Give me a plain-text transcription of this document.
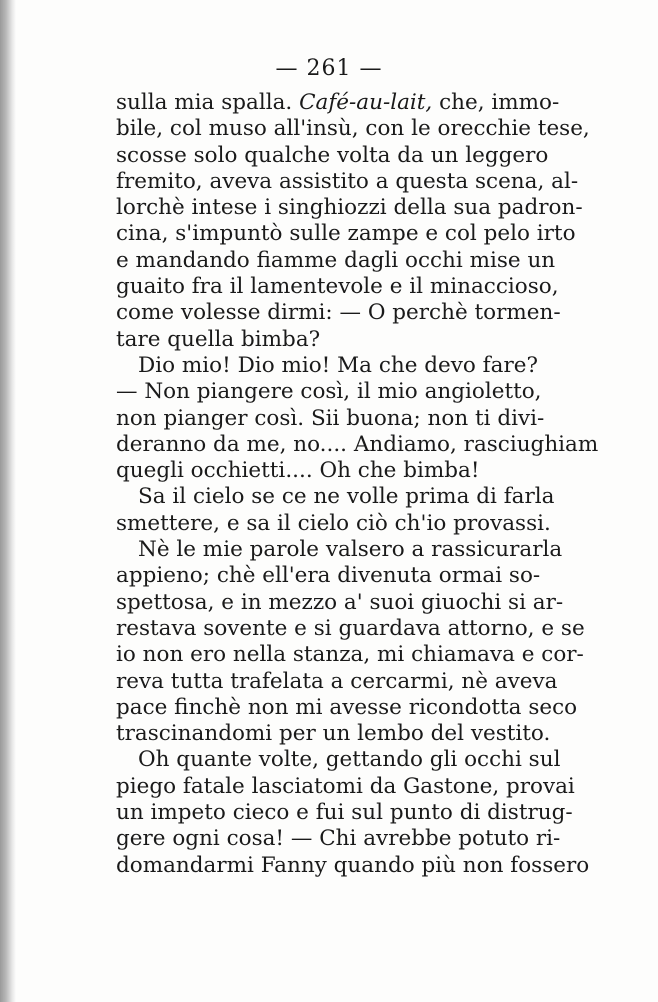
— 261 —
sulla mia spalla. Café-au-lait, che, immo-
bile, col muso all'insù, con le orecchie tese,
scosse solo qualche volta da un leggero
fremito, aveva assistito a questa scena, al-
lorchè intese i singhiozzi della sua padron-
cina, s'impuntò sulle zampe e col pelo irto
e mandando fiamme dagli occhi mise un
guaito fra il lamentevole e il minaccioso,
come volesse dirmi: — O perchè tormen-
tare quella bimba?
Dio mio! Dio mio! Ma che devo fare?
— Non piangere così, il mio angioletto,
non pianger così. Sii buona; non ti divi-
deranno da me, no.... Andiamo, rasciughiam
quegli occhietti.... Oh che bimba!
Sa il cielo se ce ne volle prima di farla
smettere, e sa il cielo ciò ch'io provassi.
Nè le mie parole valsero a rassicurarla
appieno; chè ell'era divenuta ormai so-
spettosa, e in mezzo a' suoi giuochi si ar-
restava sovente e si guardava attorno, e se
io non ero nella stanza, mi chiamava e cor-
reva tutta trafelata a cercarmi, nè aveva
pace finchè non mi avesse ricondotta seco
trascinandomi per un lembo del vestito.
Oh quante volte, gettando gli occhi sul
piego fatale lasciatomi da Gastone, provai
un impeto cieco e fui sul punto di distrug-
gere ogni cosa! — Chi avrebbe potuto ri-
domandarmi Fanny quando più non fossero
